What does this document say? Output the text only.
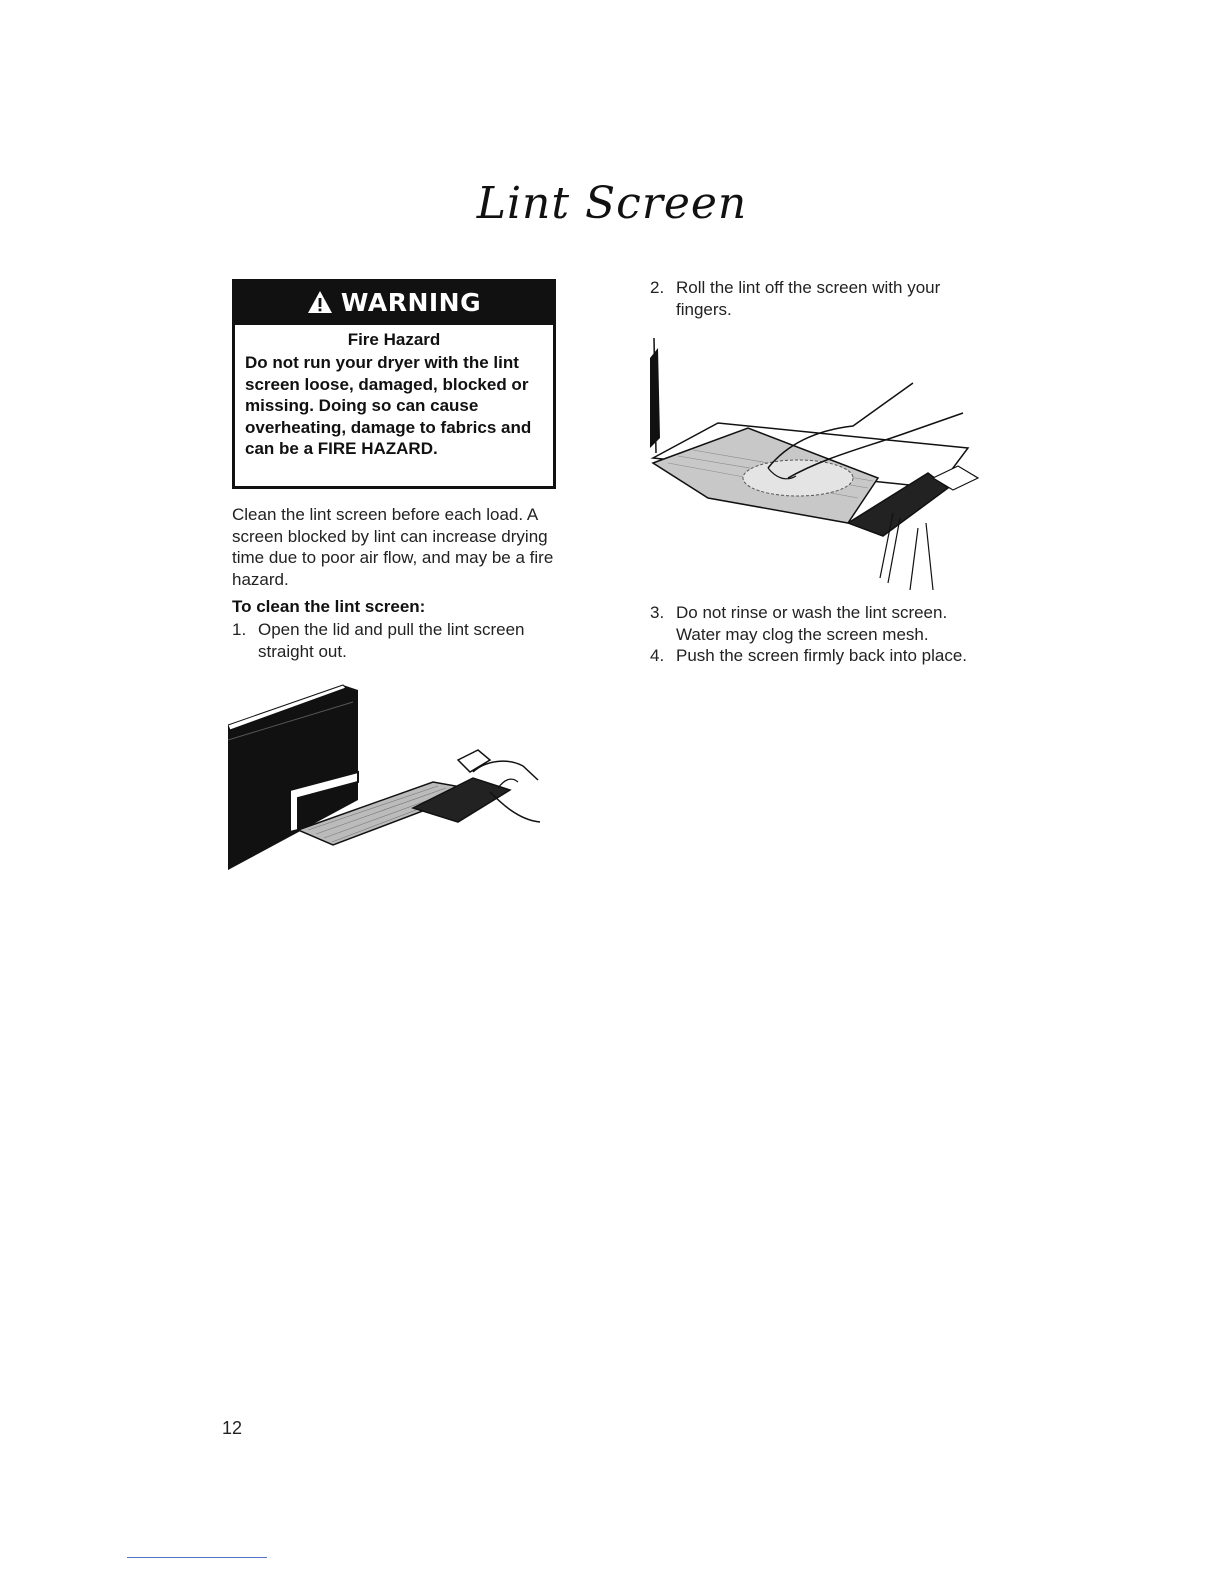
Lint Screen
WARNING
Fire Hazard
Do not run your dryer with the lint screen loose, damaged, blocked or missing. Doing so can cause overheating, damage to fabrics and can be a FIRE HAZARD.
Clean the lint screen before each load. A screen blocked by lint can increase drying time due to poor air flow, and may be a fire hazard.
To clean the lint screen:
1. Open the lid and pull the lint screen straight out.
2. Roll the lint off the screen with your fingers.
3. Do not rinse or wash the lint screen. Water may clog the screen mesh.
4. Push the screen firmly back into place.
12
